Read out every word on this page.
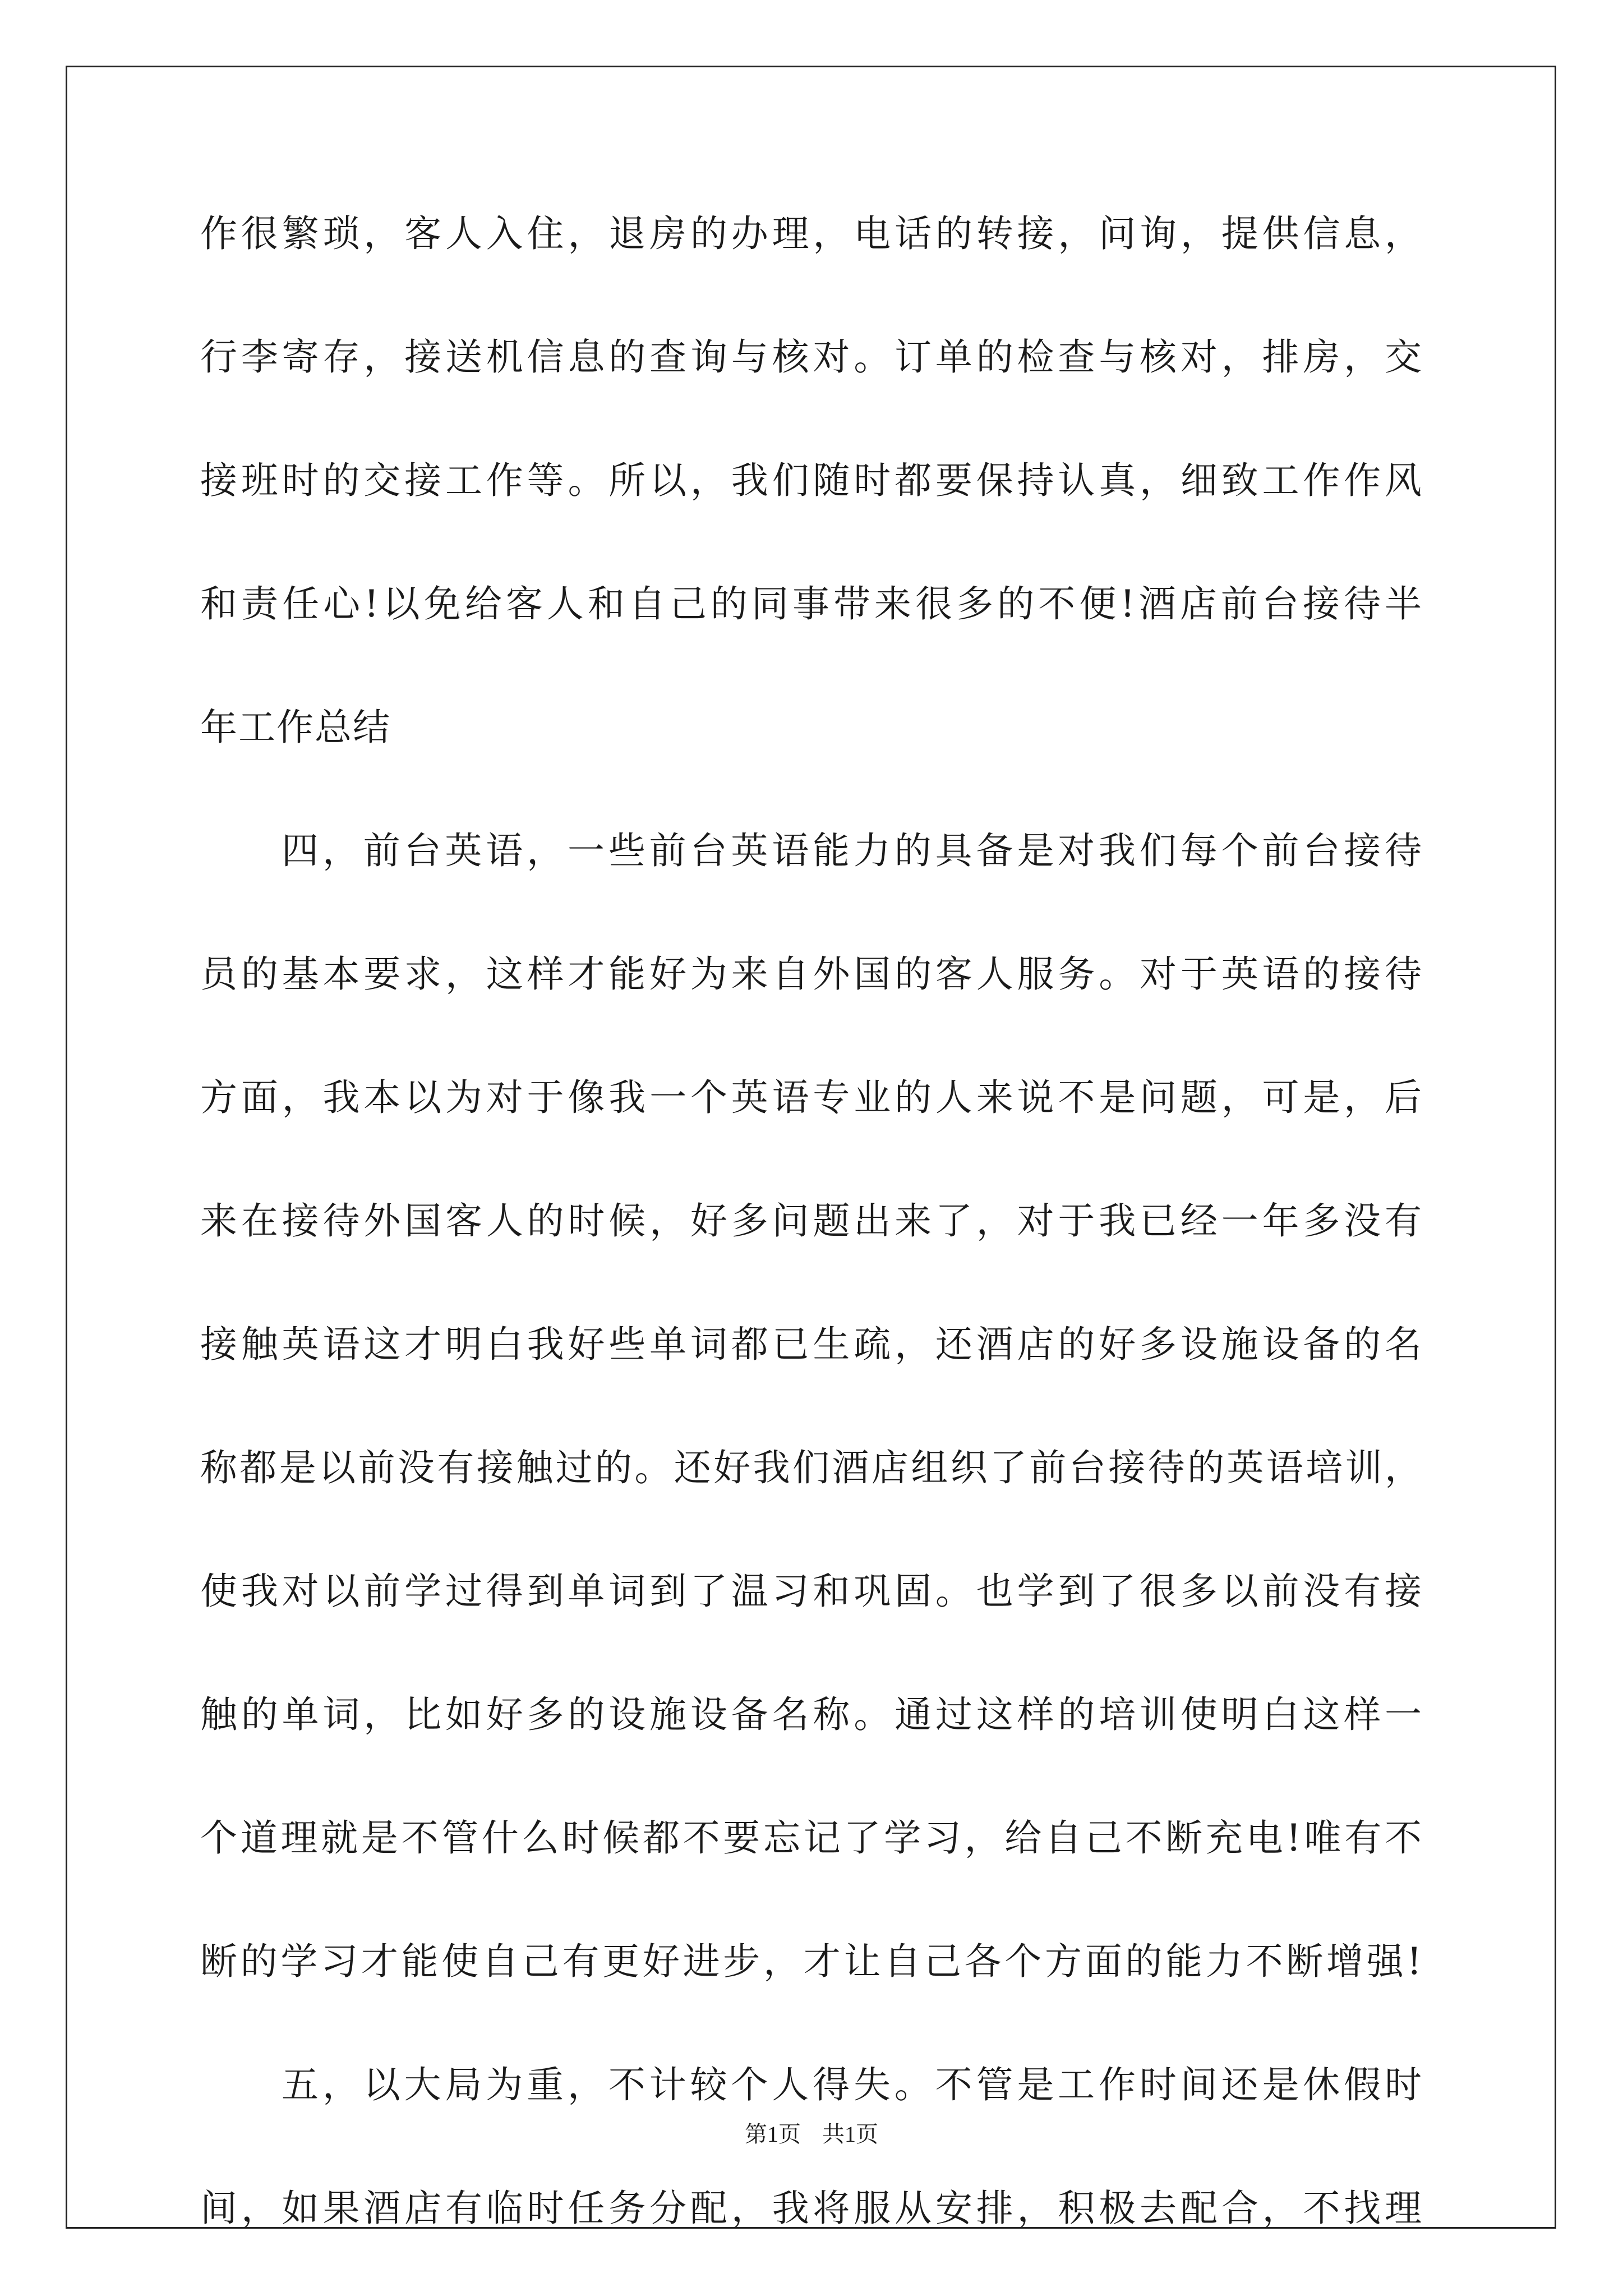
作很繁琐，客人入住，退房的办理，电话的转接，问询，提供信息，
行李寄存，接送机信息的查询与核对。订单的检查与核对，排房，交
接班时的交接工作等。所以，我们随时都要保持认真，细致工作作风
和责任心!以免给客人和自己的同事带来很多的不便!酒店前台接待半
年工作总结
四，前台英语，一些前台英语能力的具备是对我们每个前台接待
员的基本要求，这样才能好为来自外国的客人服务。对于英语的接待
方面，我本以为对于像我一个英语专业的人来说不是问题，可是，后
来在接待外国客人的时候，好多问题出来了，对于我已经一年多没有
接触英语这才明白我好些单词都已生疏，还酒店的好多设施设备的名
称都是以前没有接触过的。还好我们酒店组织了前台接待的英语培训，
使我对以前学过得到单词到了温习和巩固。也学到了很多以前没有接
触的单词，比如好多的设施设备名称。通过这样的培训使明白这样一
个道理就是不管什么时候都不要忘记了学习，给自己不断充电!唯有不
断的学习才能使自己有更好进步，才让自己各个方面的能力不断增强!
五，以大局为重，不计较个人得失。不管是工作时间还是休假时
间，如果酒店有临时任务分配，我将服从安排，积极去配合，不找理
第1页 共1页
